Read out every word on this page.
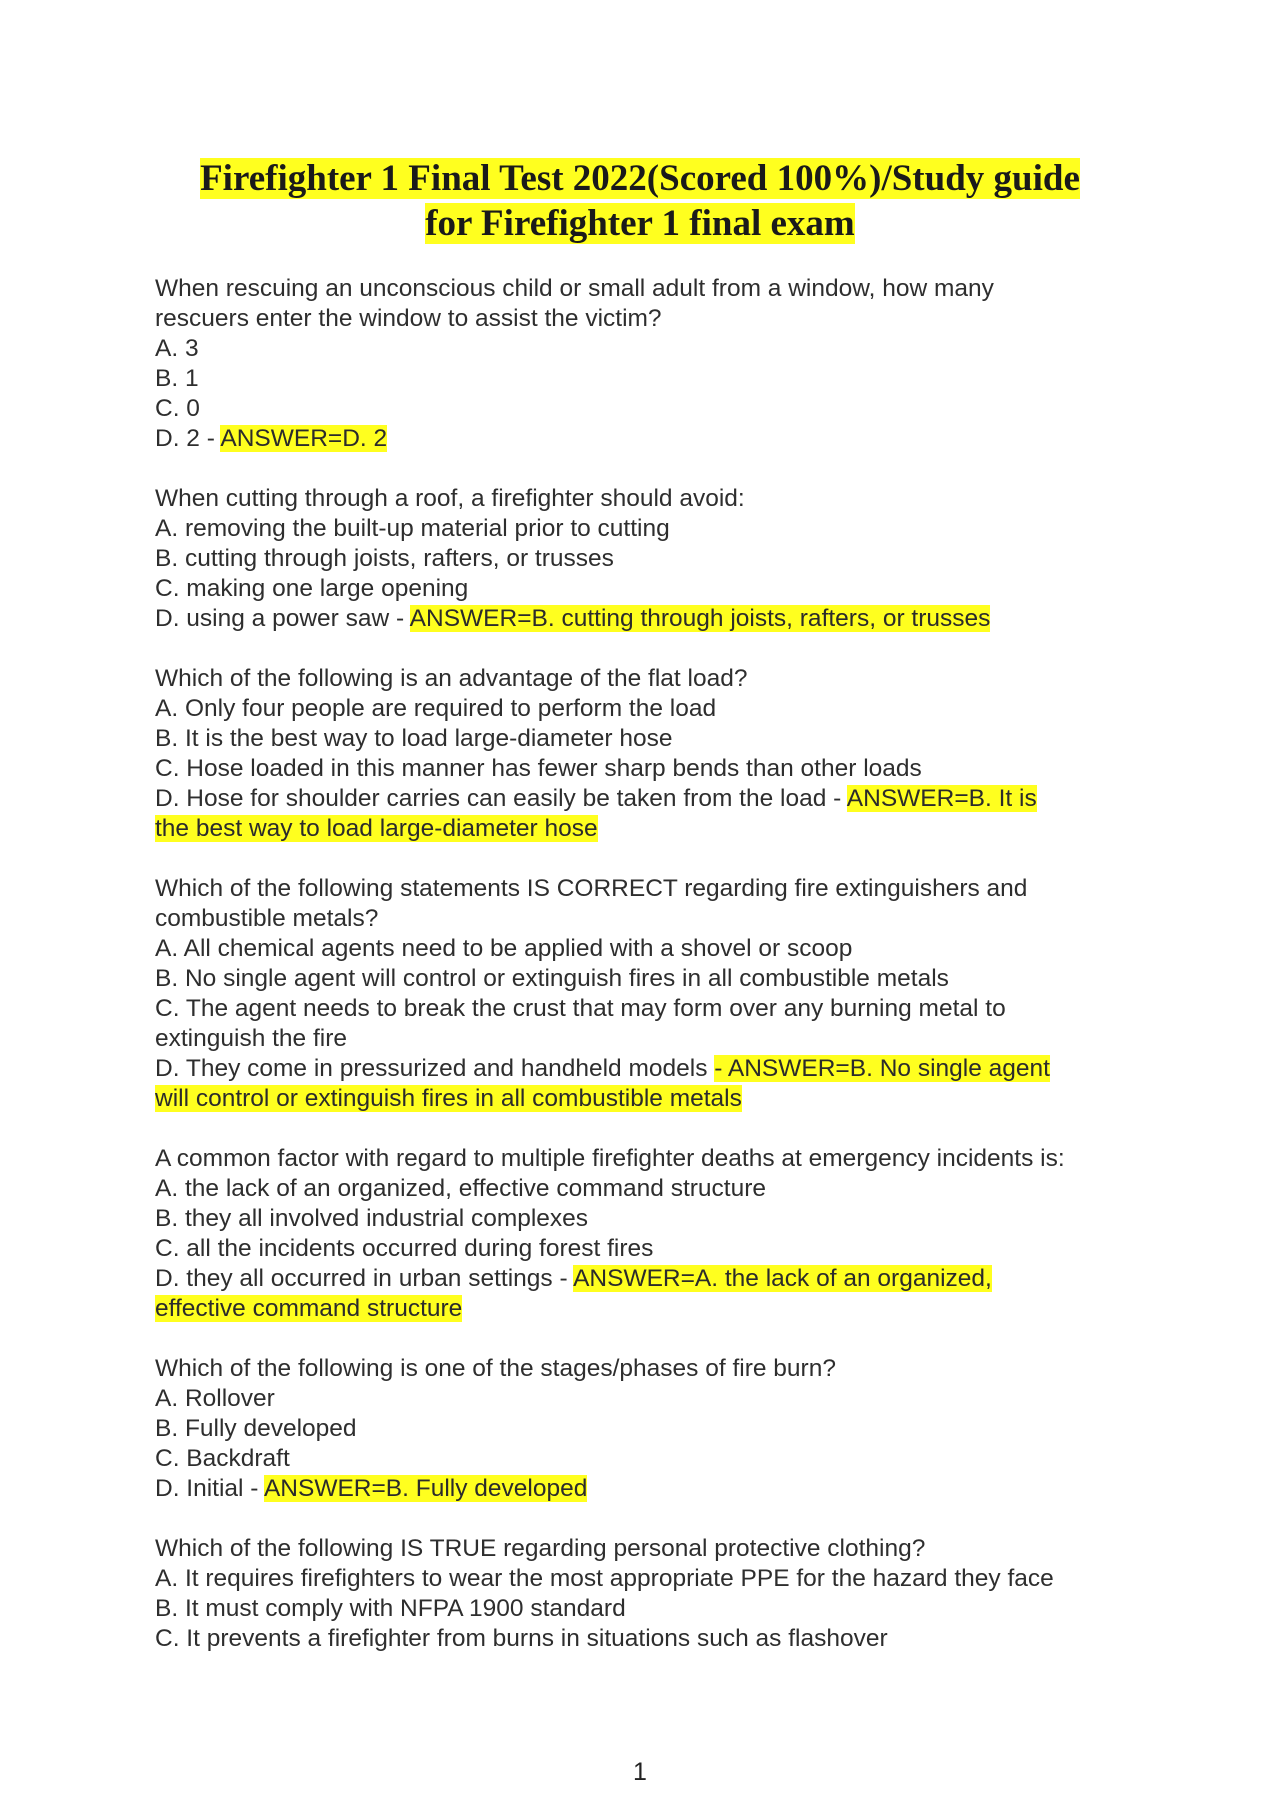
Firefighter 1 Final Test 2022(Scored 100%)/Study guide
for Firefighter 1 final exam
When rescuing an unconscious child or small adult from a window, how many
rescuers enter the window to assist the victim?
A. 3
B. 1
C. 0
D. 2 - ANSWER=D. 2
When cutting through a roof, a firefighter should avoid:
A. removing the built-up material prior to cutting
B. cutting through joists, rafters, or trusses
C. making one large opening
D. using a power saw - ANSWER=B. cutting through joists, rafters, or trusses
Which of the following is an advantage of the flat load?
A. Only four people are required to perform the load
B. It is the best way to load large-diameter hose
C. Hose loaded in this manner has fewer sharp bends than other loads
D. Hose for shoulder carries can easily be taken from the load - ANSWER=B. It is
the best way to load large-diameter hose
Which of the following statements IS CORRECT regarding fire extinguishers and
combustible metals?
A. All chemical agents need to be applied with a shovel or scoop
B. No single agent will control or extinguish fires in all combustible metals
C. The agent needs to break the crust that may form over any burning metal to
extinguish the fire
D. They come in pressurized and handheld models - ANSWER=B. No single agent
will control or extinguish fires in all combustible metals
A common factor with regard to multiple firefighter deaths at emergency incidents is:
A. the lack of an organized, effective command structure
B. they all involved industrial complexes
C. all the incidents occurred during forest fires
D. they all occurred in urban settings - ANSWER=A. the lack of an organized,
effective command structure
Which of the following is one of the stages/phases of fire burn?
A. Rollover
B. Fully developed
C. Backdraft
D. Initial - ANSWER=B. Fully developed
Which of the following IS TRUE regarding personal protective clothing?
A. It requires firefighters to wear the most appropriate PPE for the hazard they face
B. It must comply with NFPA 1900 standard
C. It prevents a firefighter from burns in situations such as flashover
1
